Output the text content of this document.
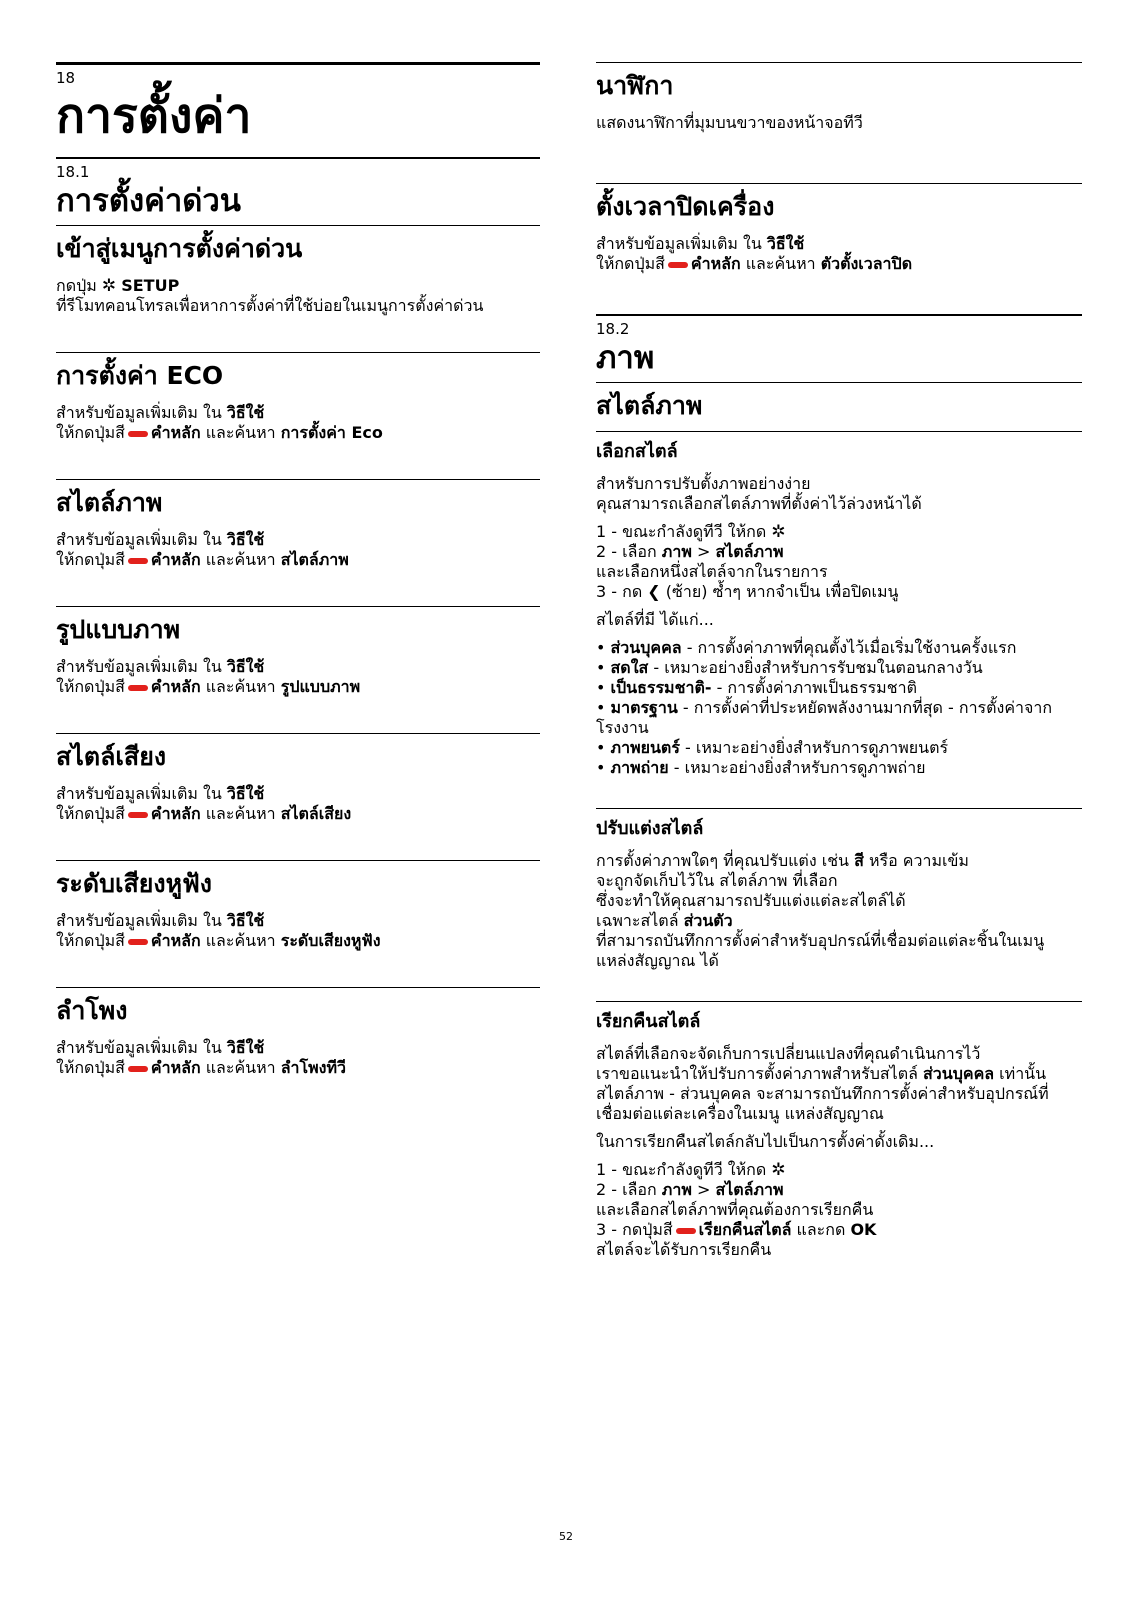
18
การตั้งค่า
18.1
การตั้งค่าด่วน
เข้าสู่เมนูการตั้งค่าด่วน

กดปุ่ม ✲ SETUP

ที่รีโมทคอนโทรลเพื่อหาการตั้งค่าที่ใช้บ่อยในเมนูการตั้งค่าด่วน

การตั้งค่า ECO

สำหรับข้อมูลเพิ่มเติม ใน วิธีใช้

ให้กดปุ่มสี คำหลัก และค้นหา การตั้งค่า Eco

สไตล์ภาพ

สำหรับข้อมูลเพิ่มเติม ใน วิธีใช้

ให้กดปุ่มสี คำหลัก และค้นหา สไตล์ภาพ

รูปแบบภาพ

สำหรับข้อมูลเพิ่มเติม ใน วิธีใช้

ให้กดปุ่มสี คำหลัก และค้นหา รูปแบบภาพ

สไตล์เสียง

สำหรับข้อมูลเพิ่มเติม ใน วิธีใช้

ให้กดปุ่มสี คำหลัก และค้นหา สไตล์เสียง

ระดับเสียงหูฟัง

สำหรับข้อมูลเพิ่มเติม ใน วิธีใช้

ให้กดปุ่มสี คำหลัก และค้นหา ระดับเสียงหูฟัง

ลำโพง

สำหรับข้อมูลเพิ่มเติม ใน วิธีใช้

ให้กดปุ่มสี คำหลัก และค้นหา ลำโพงทีวี

นาฬิกา

แสดงนาฬิกาที่มุมบนขวาของหน้าจอทีวี

ตั้งเวลาปิดเครื่อง

สำหรับข้อมูลเพิ่มเติม ใน วิธีใช้

ให้กดปุ่มสี คำหลัก และค้นหา ตัวตั้งเวลาปิด

18.2
ภาพ
สไตล์ภาพ
เลือกสไตล์

สำหรับการปรับตั้งภาพอย่างง่าย

คุณสามารถเลือกสไตล์ภาพที่ตั้งค่าไว้ล่วงหน้าได้

1 - ขณะกำลังดูทีวี ให้กด ✲

2 - เลือก ภาพ > สไตล์ภาพ

และเลือกหนึ่งสไตล์จากในรายการ

3 - กด ❮ (ซ้าย) ซ้ำๆ หากจำเป็น เพื่อปิดเมนู

สไตล์ที่มี ได้แก่...

• ส่วนบุคคล - การตั้งค่าภาพที่คุณตั้งไว้เมื่อเริ่มใช้งานครั้งแรก

• สดใส - เหมาะอย่างยิ่งสำหรับการรับชมในตอนกลางวัน

• เป็นธรรมชาติ- - การตั้งค่าภาพเป็นธรรมชาติ

• มาตรฐาน - การตั้งค่าที่ประหยัดพลังงานมากที่สุด - การตั้งค่าจากโรงงาน

• ภาพยนตร์ - เหมาะอย่างยิ่งสำหรับการดูภาพยนตร์

• ภาพถ่าย - เหมาะอย่างยิ่งสำหรับการดูภาพถ่าย

ปรับแต่งสไตล์

การตั้งค่าภาพใดๆ ที่คุณปรับแต่ง เช่น สี หรือ ความเข้ม

จะถูกจัดเก็บไว้ใน สไตล์ภาพ ที่เลือก

ซึ่งจะทำให้คุณสามารถปรับแต่งแต่ละสไตล์ได้

เฉพาะสไตล์ ส่วนตัว

ที่สามารถบันทึกการตั้งค่าสำหรับอุปกรณ์ที่เชื่อมต่อแต่ละชิ้นในเมนู แหล่งสัญญาณ ได้

เรียกคืนสไตล์

สไตล์ที่เลือกจะจัดเก็บการเปลี่ยนแปลงที่คุณดำเนินการไว้

เราขอแนะนำให้ปรับการตั้งค่าภาพสำหรับสไตล์ ส่วนบุคคล เท่านั้น สไตล์ภาพ - ส่วนบุคคล จะสามารถบันทึกการตั้งค่าสำหรับอุปกรณ์ที่เชื่อมต่อแต่ละเครื่องในเมนู แหล่งสัญญาณ

ในการเรียกคืนสไตล์กลับไปเป็นการตั้งค่าดั้งเดิม...

1 - ขณะกำลังดูทีวี ให้กด ✲

2 - เลือก ภาพ > สไตล์ภาพ

และเลือกสไตล์ภาพที่คุณต้องการเรียกคืน

3 - กดปุ่มสี เรียกคืนสไตล์ และกด OK

สไตล์จะได้รับการเรียกคืน

52
